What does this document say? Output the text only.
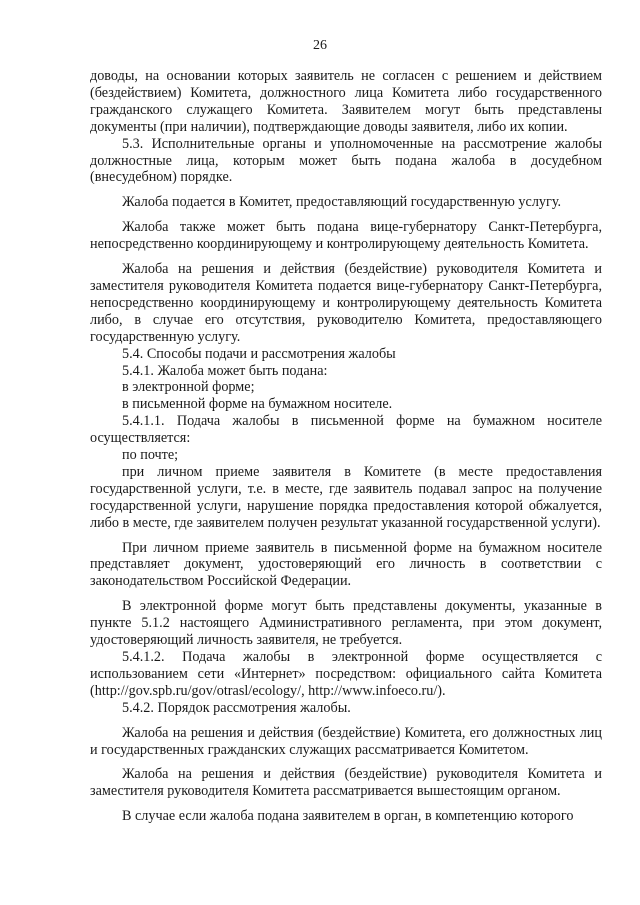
26

доводы, на основании которых заявитель не согласен с решением и действием (бездействием) Комитета, должностного лица Комитета либо государственного гражданского служащего Комитета. Заявителем могут быть представлены документы (при наличии), подтверждающие доводы заявителя, либо их копии.

5.3. Исполнительные органы и уполномоченные на рассмотрение жалобы должностные лица, которым может быть подана жалоба в досудебном (внесудебном) порядке.

Жалоба подается в Комитет, предоставляющий государственную услугу.

Жалоба также может быть подана вице-губернатору Санкт-Петербурга, непосредственно координирующему и контролирующему деятельность Комитета.

Жалоба на решения и действия (бездействие) руководителя Комитета и заместителя руководителя Комитета подается вице-губернатору Санкт-Петербурга, непосредственно координирующему и контролирующему деятельность Комитета либо, в случае его отсутствия, руководителю Комитета, предоставляющего государственную услугу.

5.4. Способы подачи и рассмотрения жалобы

5.4.1. Жалоба может быть подана:

в электронной форме;

в письменной форме на бумажном носителе.

5.4.1.1. Подача жалобы в письменной форме на бумажном носителе осуществляется:

по почте;

при личном приеме заявителя в Комитете (в месте предоставления государственной услуги, т.е. в месте, где заявитель подавал запрос на получение государственной услуги, нарушение порядка предоставления которой обжалуется, либо в месте, где заявителем получен результат указанной государственной услуги).

При личном приеме заявитель в письменной форме на бумажном носителе представляет документ, удостоверяющий его личность в соответствии с законодательством Российской Федерации.

В электронной форме могут быть представлены документы, указанные в пункте 5.1.2 настоящего Административного регламента, при этом документ, удостоверяющий личность заявителя, не требуется.

5.4.1.2. Подача жалобы в электронной форме осуществляется с использованием сети «Интернет» посредством: официального сайта Комитета (http://gov.spb.ru/gov/otrasl/ecology/, http://www.infoeco.ru/).

5.4.2. Порядок рассмотрения жалобы.

Жалоба на решения и действия (бездействие) Комитета, его должностных лиц и государственных гражданских служащих рассматривается Комитетом.

Жалоба на решения и действия (бездействие) руководителя Комитета и заместителя руководителя Комитета рассматривается вышестоящим органом.

В случае если жалоба подана заявителем в орган, в компетенцию которого
